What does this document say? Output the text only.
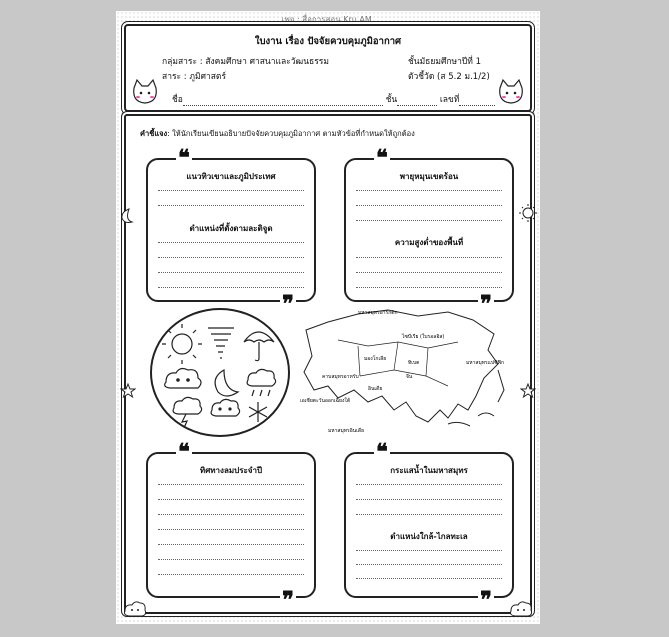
เพจ : สื่อการสอน Kru AM.
ใบงาน เรื่อง ปัจจัยควบคุมภูมิอากาศ
กลุ่มสาระ : สังคมศึกษา ศาสนาและวัฒนธรรม	ชั้นมัธยมศึกษาปีที่ 1
สาระ : ภูมิศาสตร์	ตัวชี้วัด (ส 5.2 ม.1/2)
ชื่อ	ชั้น	เลขที่
คำชี้แจง: ให้นักเรียนเขียนอธิบายปัจจัยควบคุมภูมิอากาศ ตามหัวข้อที่กำหนดให้ถูกต้อง
❝
แนวทิวเขาและภูมิประเทศ
ตำแหน่งที่ตั้งตามละติจูด
❞
❝
พายุหมุนเขตร้อน
ความสูงต่ำของพื้นที่
❞
มหาสมุทรอาร์กติก
ไซบีเรีย (ใบรอลอิส)
มองโกเลีย
ทิเบต
จีน
คาบสมุทรอาหรับ
อินเดีย
มหาสมุทรแปซิฟิก
เอเชียตะวันออกเฉียงใต้
มหาสมุทรอินเดีย
❝
ทิศทางลมประจำปี
❞
❝
กระแสน้ำในมหาสมุทร
ตำแหน่งใกล้-ไกลทะเล
❞
